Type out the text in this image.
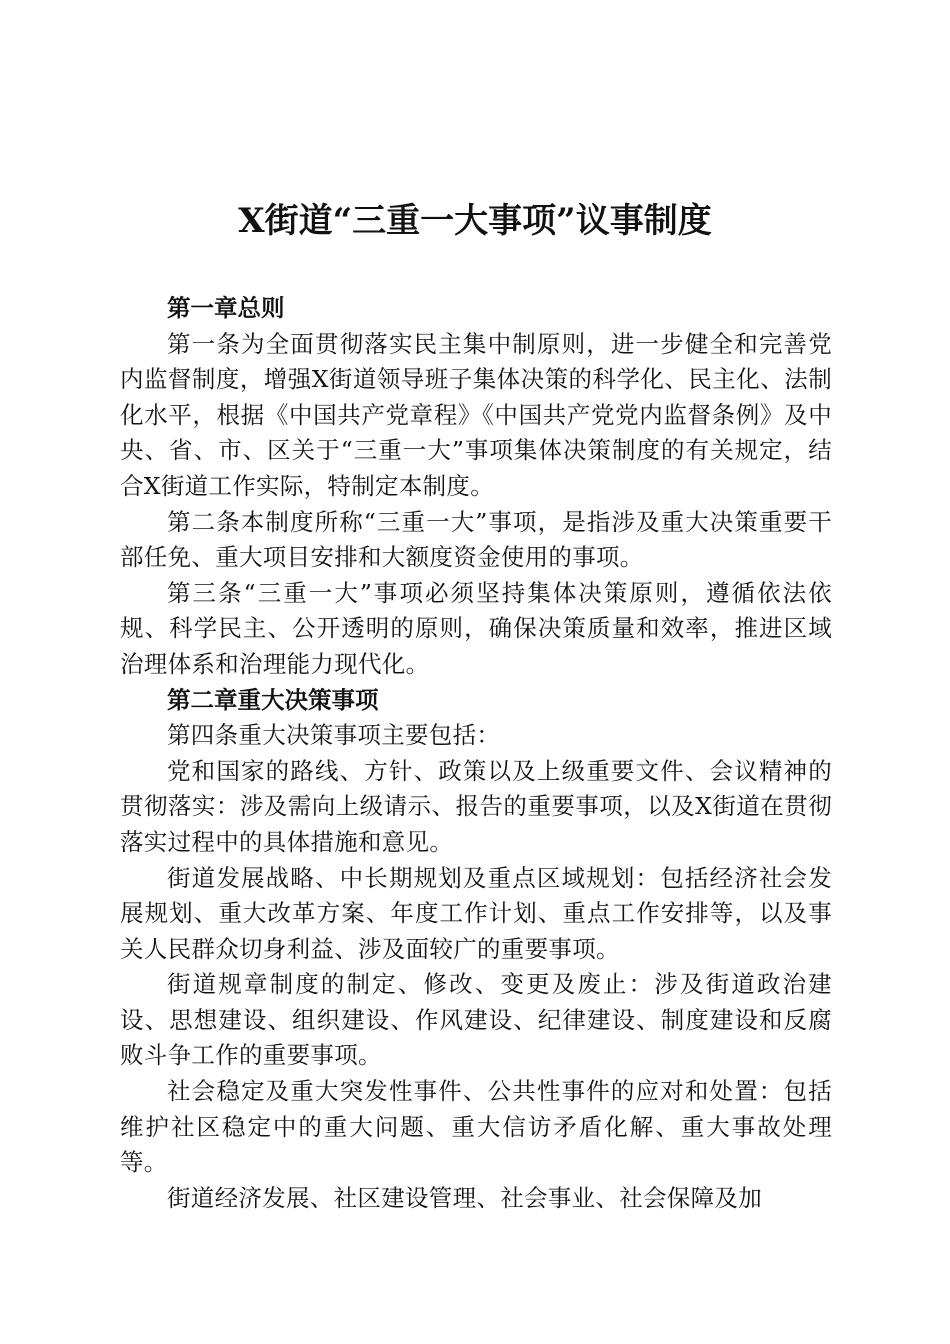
X街道“三重一大事项”议事制度

第一章总则

第一条为全面贯彻落实民主集中制原则，进一步健全和完善党内监督制度，增强X街道领导班子集体决策的科学化、民主化、法制化水平，根据《中国共产党章程》《中国共产党党内监督条例》及中央、省、市、区关于“三重一大”事项集体决策制度的有关规定，结合X街道工作实际，特制定本制度。

第二条本制度所称“三重一大”事项，是指涉及重大决策重要干部任免、重大项目安排和大额度资金使用的事项。

第三条“三重一大”事项必须坚持集体决策原则，遵循依法依规、科学民主、公开透明的原则，确保决策质量和效率，推进区域治理体系和治理能力现代化。

第二章重大决策事项

第四条重大决策事项主要包括：

党和国家的路线、方针、政策以及上级重要文件、会议精神的贯彻落实：涉及需向上级请示、报告的重要事项，以及X街道在贯彻落实过程中的具体措施和意见。

街道发展战略、中长期规划及重点区域规划：包括经济社会发展规划、重大改革方案、年度工作计划、重点工作安排等，以及事关人民群众切身利益、涉及面较广的重要事项。

街道规章制度的制定、修改、变更及废止：涉及街道政治建设、思想建设、组织建设、作风建设、纪律建设、制度建设和反腐败斗争工作的重要事项。

社会稳定及重大突发性事件、公共性事件的应对和处置：包括维护社区稳定中的重大问题、重大信访矛盾化解、重大事故处理等。

街道经济发展、社区建设管理、社会事业、社会保障及加
